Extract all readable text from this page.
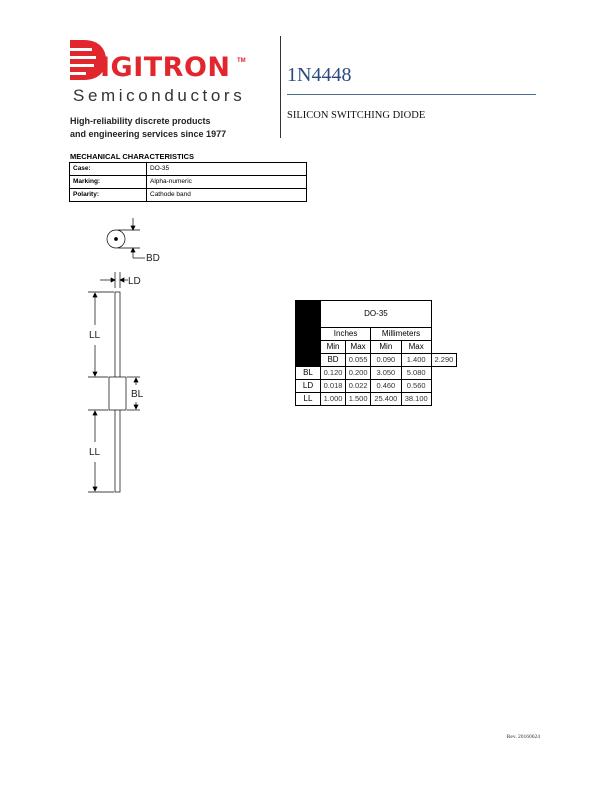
IGITRON TM
Semiconductors
High-reliability discrete products
and engineering services since 1977
1N4448
SILICON SWITCHING DIODE
MECHANICAL CHARACTERISTICS
Case:	DO-35
Marking:	Alpha-numeric
Polarity:	Cathode band
BD
LD
LL
BL
LL
	DO-35				
	Inches		Millimeters		
	Min	Max	Min	Max	
	BD	0.055	0.090	1.400	2.290
BL	0.120	0.200	3.050	5.080	
LD	0.018	0.022	0.460	0.560	
LL	1.000	1.500	25.400	38.100	
Rev. 20160624
